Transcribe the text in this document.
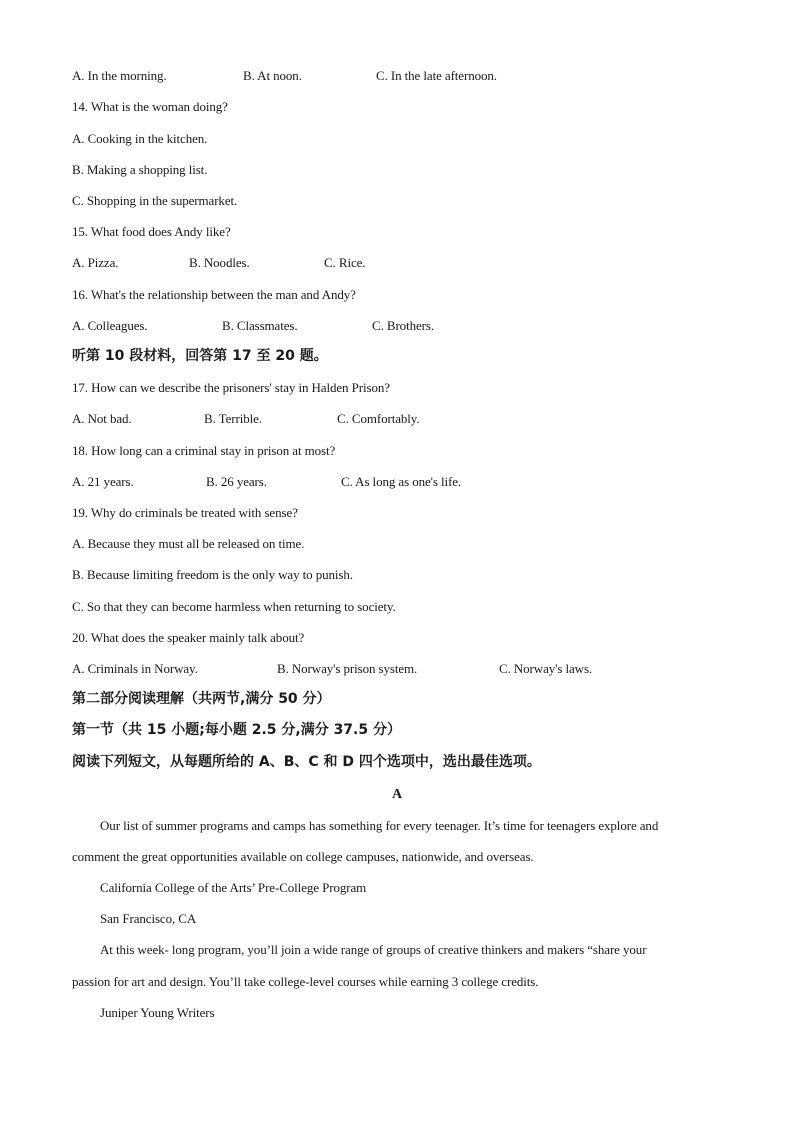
A. In the morning.	B. At noon.	C. In the late afternoon.
14. What is the woman doing?
A. Cooking in the kitchen.
B. Making a shopping list.
C. Shopping in the supermarket.
15. What food does Andy like?
A. Pizza.	B. Noodles.	C. Rice.
16. What's the relationship between the man and Andy?
A. Colleagues.	B. Classmates.	C. Brothers.
听第 10 段材料，回答第 17 至 20 题。
17. How can we describe the prisoners' stay in Halden Prison?
A. Not bad.	B. Terrible.	C. Comfortably.
18. How long can a criminal stay in prison at most?
A. 21 years.	B. 26 years.	C. As long as one's life.
19. Why do criminals be treated with sense?
A. Because they must all be released on time.
B. Because limiting freedom is the only way to punish.
C. So that they can become harmless when returning to society.
20. What does the speaker mainly talk about?
A. Criminals in Norway.	B. Norway's prison system.	C. Norway's laws.
第二部分阅读理解（共两节,满分 50 分）
第一节（共 15 小题;每小题 2.5 分,满分 37.5 分）
阅读下列短文，从每题所给的 A、B、C 和 D 四个选项中，选出最佳选项。
A
Our list of summer programs and camps has something for every teenager. It’s time for teenagers explore and
comment the great opportunities available on college campuses, nationwide, and overseas.
California College of the Arts’ Pre-College Program
San Francisco, CA
At this week- long program, you’ll join a wide range of groups of creative thinkers and makers “share your
passion for art and design. You’ll take college-level courses while earning 3 college credits.
Juniper Young Writers
